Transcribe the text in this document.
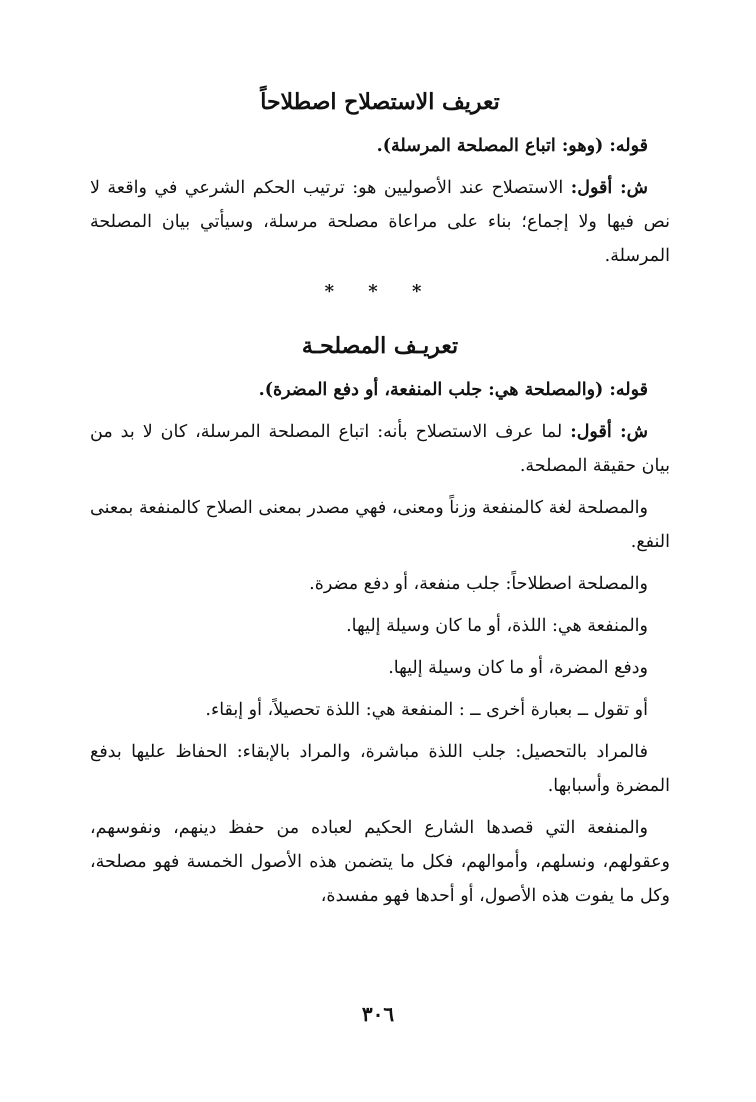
تعريف الاستصلاح اصطلاحاً

قوله: (وهو: اتباع المصلحة المرسلة).

ش: أقول: الاستصلاح عند الأصوليين هو: ترتيب الحكم الشرعي في واقعة لا نص فيها ولا إجماع؛ بناء على مراعاة مصلحة مرسلة، وسيأتي بيان المصلحة المرسلة.

* * *
تعريـف المصلحـة

قوله: (والمصلحة هي: جلب المنفعة، أو دفع المضرة).

ش: أقول: لما عرف الاستصلاح بأنه: اتباع المصلحة المرسلة، كان لا بد من بيان حقيقة المصلحة.

والمصلحة لغة كالمنفعة وزناً ومعنى، فهي مصدر بمعنى الصلاح كالمنفعة بمعنى النفع.

والمصلحة اصطلاحاً: جلب منفعة، أو دفع مضرة.

والمنفعة هي: اللذة، أو ما كان وسيلة إليها.

ودفع المضرة، أو ما كان وسيلة إليها.

أو تقول ــ بعبارة أخرى ــ : المنفعة هي: اللذة تحصيلاً، أو إبقاء.

فالمراد بالتحصيل: جلب اللذة مباشرة، والمراد بالإبقاء: الحفاظ عليها بدفع المضرة وأسبابها.

والمنفعة التي قصدها الشارع الحكيم لعباده من حفظ دينهم، ونفوسهم، وعقولهم، ونسلهم، وأموالهم، فكل ما يتضمن هذه الأصول الخمسة فهو مصلحة، وكل ما يفوت هذه الأصول، أو أحدها فهو مفسدة،

٣٠٦
